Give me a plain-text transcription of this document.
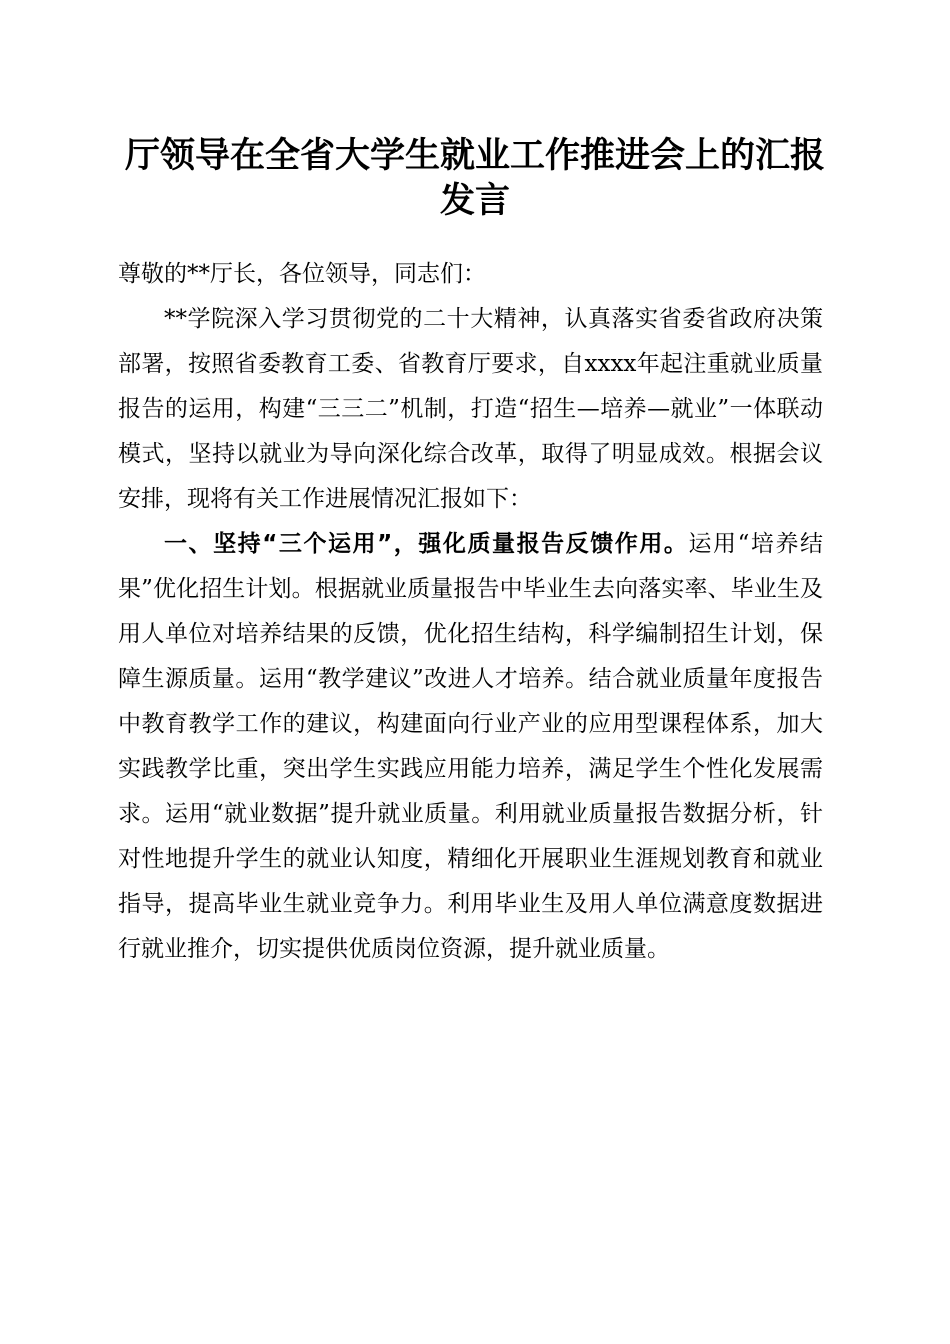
厅领导在全省大学生就业工作推进会上的汇报
发言

尊敬的**厅长，各位领导，同志们：

**学院深入学习贯彻党的二十大精神，认真落实省委省政府决策部署，按照省委教育工委、省教育厅要求，自xxxx年起注重就业质量报告的运用，构建“三三二”机制，打造“招生—培养—就业”一体联动模式，坚持以就业为导向深化综合改革，取得了明显成效。根据会议安排，现将有关工作进展情况汇报如下：

一、坚持“三个运用”，强化质量报告反馈作用。运用“培养结果”优化招生计划。根据就业质量报告中毕业生去向落实率、毕业生及用人单位对培养结果的反馈，优化招生结构，科学编制招生计划，保障生源质量。运用“教学建议”改进人才培养。结合就业质量年度报告中教育教学工作的建议，构建面向行业产业的应用型课程体系，加大实践教学比重，突出学生实践应用能力培养，满足学生个性化发展需求。运用“就业数据”提升就业质量。利用就业质量报告数据分析，针对性地提升学生的就业认知度，精细化开展职业生涯规划教育和就业指导，提高毕业生就业竞争力。利用毕业生及用人单位满意度数据进行就业推介，切实提供优质岗位资源，提升就业质量。
